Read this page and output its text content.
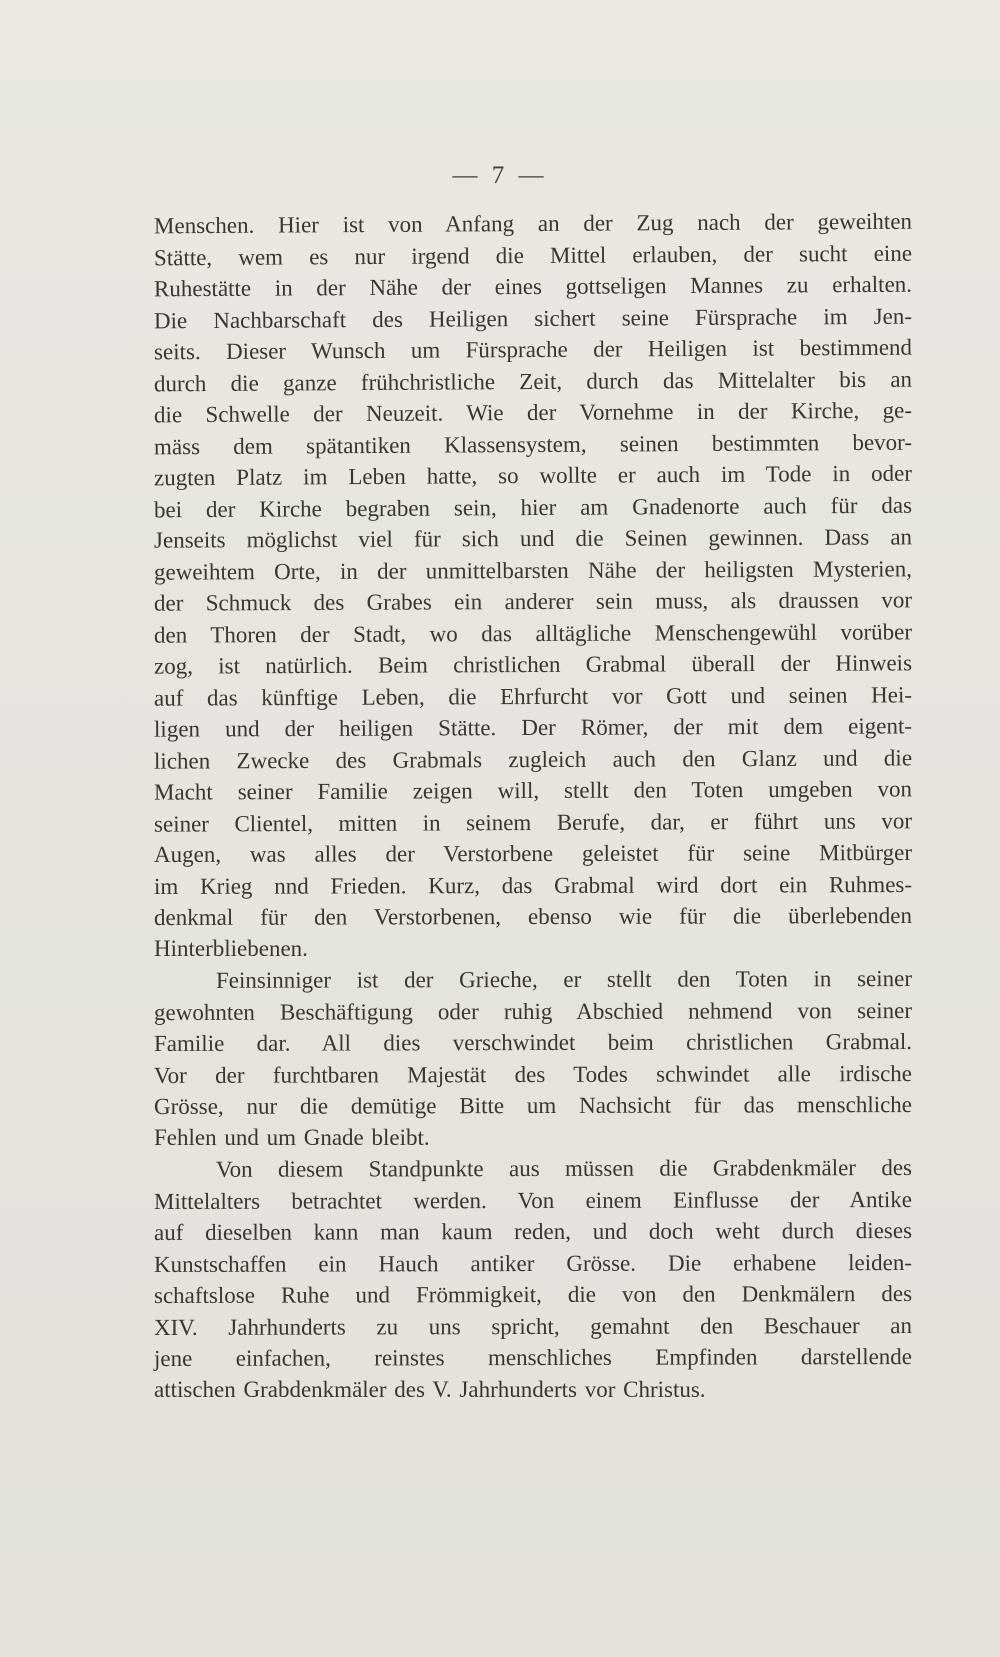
— 7 —
Menschen. Hier ist von Anfang an der Zug nach der geweihten
Stätte, wem es nur irgend die Mittel erlauben, der sucht eine
Ruhestätte in der Nähe der eines gottseligen Mannes zu erhalten.
Die Nachbarschaft des Heiligen sichert seine Fürsprache im Jen-
seits. Dieser Wunsch um Fürsprache der Heiligen ist bestimmend
durch die ganze frühchristliche Zeit, durch das Mittelalter bis an
die Schwelle der Neuzeit. Wie der Vornehme in der Kirche, ge-
mäss dem spätantiken Klassensystem, seinen bestimmten bevor-
zugten Platz im Leben hatte, so wollte er auch im Tode in oder
bei der Kirche begraben sein, hier am Gnadenorte auch für das
Jenseits möglichst viel für sich und die Seinen gewinnen. Dass an
geweihtem Orte, in der unmittelbarsten Nähe der heiligsten Mysterien,
der Schmuck des Grabes ein anderer sein muss, als draussen vor
den Thoren der Stadt, wo das alltägliche Menschengewühl vorüber
zog, ist natürlich. Beim christlichen Grabmal überall der Hinweis
auf das künftige Leben, die Ehrfurcht vor Gott und seinen Hei-
ligen und der heiligen Stätte. Der Römer, der mit dem eigent-
lichen Zwecke des Grabmals zugleich auch den Glanz und die
Macht seiner Familie zeigen will, stellt den Toten umgeben von
seiner Clientel, mitten in seinem Berufe, dar, er führt uns vor
Augen, was alles der Verstorbene geleistet für seine Mitbürger
im Krieg nnd Frieden. Kurz, das Grabmal wird dort ein Ruhmes-
denkmal für den Verstorbenen, ebenso wie für die überlebenden
Hinterbliebenen.
Feinsinniger ist der Grieche, er stellt den Toten in seiner
gewohnten Beschäftigung oder ruhig Abschied nehmend von seiner
Familie dar. All dies verschwindet beim christlichen Grabmal.
Vor der furchtbaren Majestät des Todes schwindet alle irdische
Grösse, nur die demütige Bitte um Nachsicht für das menschliche
Fehlen und um Gnade bleibt.
Von diesem Standpunkte aus müssen die Grabdenkmäler des
Mittelalters betrachtet werden. Von einem Einflusse der Antike
auf dieselben kann man kaum reden, und doch weht durch dieses
Kunstschaffen ein Hauch antiker Grösse. Die erhabene leiden-
schaftslose Ruhe und Frömmigkeit, die von den Denkmälern des
XIV. Jahrhunderts zu uns spricht, gemahnt den Beschauer an
jene einfachen, reinstes menschliches Empfinden darstellende
attischen Grabdenkmäler des V. Jahrhunderts vor Christus.
